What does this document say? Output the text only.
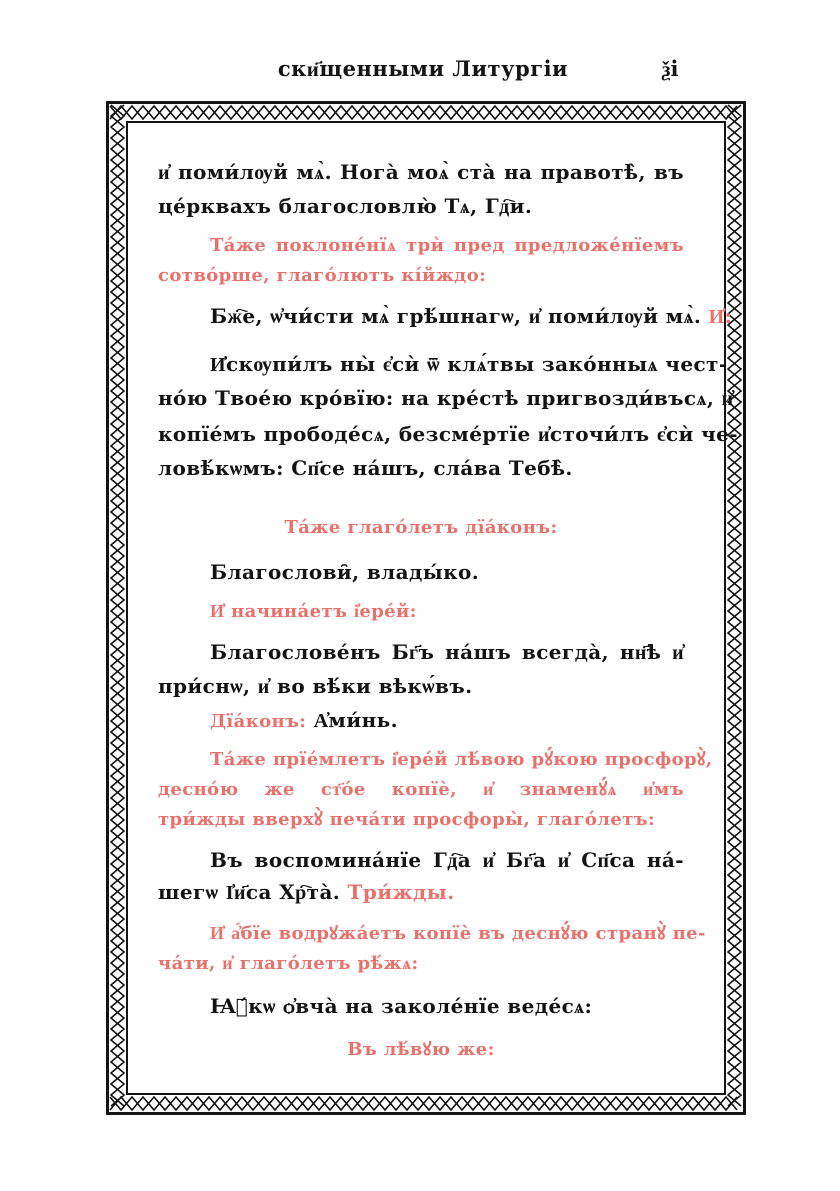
ски҃щенными Литургіи	ѯі
и҆ поми́лѹй мѧ̀. Нога̀ моѧ̀ ста̀ на правотѣ̀, въ
це́рквахъ благословлю̀ Тѧ, Гд҇и.
Та́же поклоне́нїѧ трѝ пред предложе́нїемъ
сотво́рше, глаго́лютъ кі́йждо:
Бж҇е, ѡ҆чи́сти мѧ̀ грѣ́шнагѡ, и҆ поми́лѹй мѧ̀. И҆:
И҆скѹпи́лъ ны̀ є҆сѝ ѿ клѧ́твы зако́нныѧ чест-
но́ю Твое́ю кро́вїю: на кре́стѣ пригвозди́въсѧ, и҆
копїе́мъ прободе́сѧ, безсме́ртїе и҆сточи́лъ є҆сѝ че-
ловѣ́кѡмъ: Сп҃се на́шъ, сла́ва Тебѣ̀.
Та́же глаго́летъ дїа́конъ:
Благослови̑, влады́ко.
И҆ начина́етъ і҆ере́й:
Благослове́нъ Бг҃ъ на́шъ всегда̀, нн҃ѣ и҆
при́снѡ, и҆ во вѣ́ки вѣкѡ́въ.
Дїа́конъ: А҆ми́нь.
Та́же прїе́млетъ і҆ере́й лѣ́вою рꙋ́кою просфорꙋ̀,
десно́ю же ст҃о́е копїѐ, и҆ знаменꙋ́ѧ и҆мъ
три́жды вверхꙋ̀ печа́ти просфоры̀, глаго́летъ:
Въ воспомина́нїе Гд҇а и҆ Бг҃а и҆ Сп҃са на́-
шегѡ І҆и҃са Хр҇та̀. Три́жды.
И҆ а҆́бїе водрꙋжа́етъ копїѐ въ деснꙋ́ю странꙋ̀ пе-
ча́ти, и҆ глаго́летъ рѣ́жѧ:
Ꙗ҆́кѡ ѻ҆вча̀ на заколе́нїе веде́сѧ:
Въ лѣ́вꙋю же:
